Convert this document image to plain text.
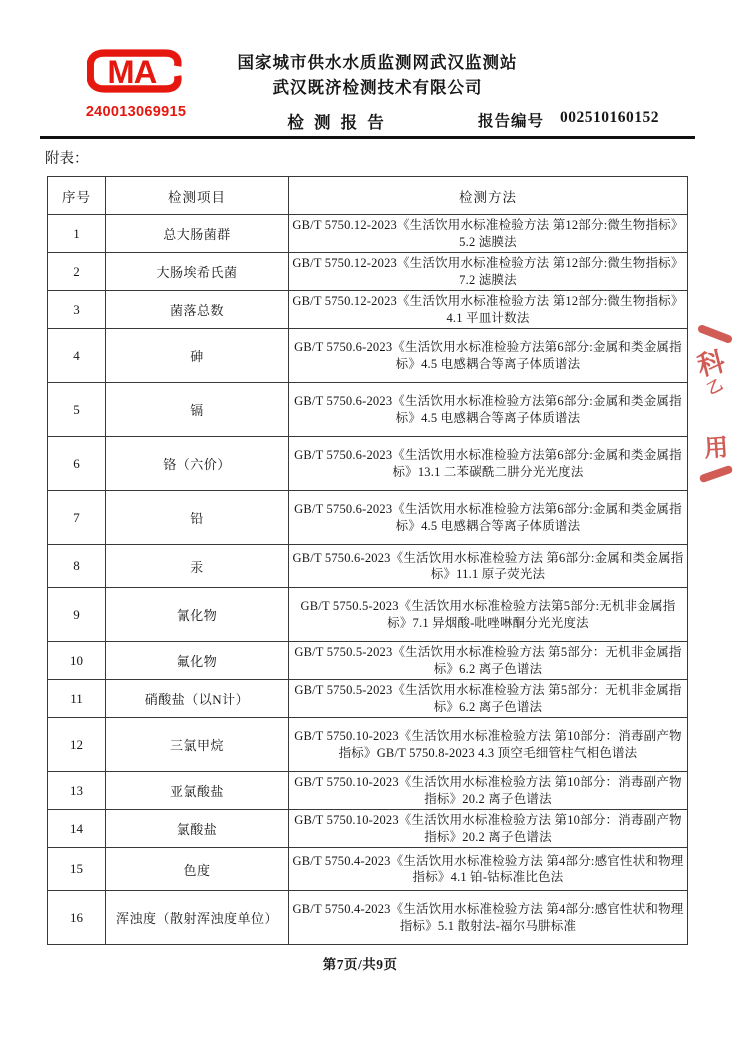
MA
240013069915
国家城市供水水质监测网武汉监测站
武汉既济检测技术有限公司
检 测 报 告	报告编号 002510160152
附表：
序号	检测项目	检测方法
1	总大肠菌群	GB/T 5750.12-2023《生活饮用水标准检验方法 第12部分:微生物指标》5.2 滤膜法
2	大肠埃希氏菌	GB/T 5750.12-2023《生活饮用水标准检验方法 第12部分:微生物指标》7.2 滤膜法
3	菌落总数	GB/T 5750.12-2023《生活饮用水标准检验方法 第12部分:微生物指标》4.1 平皿计数法
4	砷	GB/T 5750.6-2023《生活饮用水标准检验方法第6部分:金属和类金属指标》4.5 电感耦合等离子体质谱法
5	镉	GB/T 5750.6-2023《生活饮用水标准检验方法第6部分:金属和类金属指标》4.5 电感耦合等离子体质谱法
6	铬（六价）	GB/T 5750.6-2023《生活饮用水标准检验方法第6部分:金属和类金属指标》13.1 二苯碳酰二肼分光光度法
7	铅	GB/T 5750.6-2023《生活饮用水标准检验方法第6部分:金属和类金属指标》4.5 电感耦合等离子体质谱法
8	汞	GB/T 5750.6-2023《生活饮用水标准检验方法 第6部分:金属和类金属指标》11.1 原子荧光法
9	氰化物	GB/T 5750.5-2023《生活饮用水标准检验方法第5部分:无机非金属指标》7.1 异烟酸-吡唑啉酮分光光度法
10	氟化物	GB/T 5750.5-2023《生活饮用水标准检验方法 第5部分：无机非金属指标》6.2 离子色谱法
11	硝酸盐（以N计）	GB/T 5750.5-2023《生活饮用水标准检验方法 第5部分：无机非金属指标》6.2 离子色谱法
12	三氯甲烷	GB/T 5750.10-2023《生活饮用水标准检验方法 第10部分：消毒副产物指标》GB/T 5750.8-2023 4.3 顶空毛细管柱气相色谱法
13	亚氯酸盐	GB/T 5750.10-2023《生活饮用水标准检验方法 第10部分：消毒副产物指标》20.2 离子色谱法
14	氯酸盐	GB/T 5750.10-2023《生活饮用水标准检验方法 第10部分：消毒副产物指标》20.2 离子色谱法
15	色度	GB/T 5750.4-2023《生活饮用水标准检验方法 第4部分:感官性状和物理指标》4.1 铂-钴标准比色法
16	浑浊度（散射浑浊度单位）	GB/T 5750.4-2023《生活饮用水标准检验方法 第4部分:感官性状和物理指标》5.1 散射法-福尔马肼标准
第7页/共9页
科
乙
用
